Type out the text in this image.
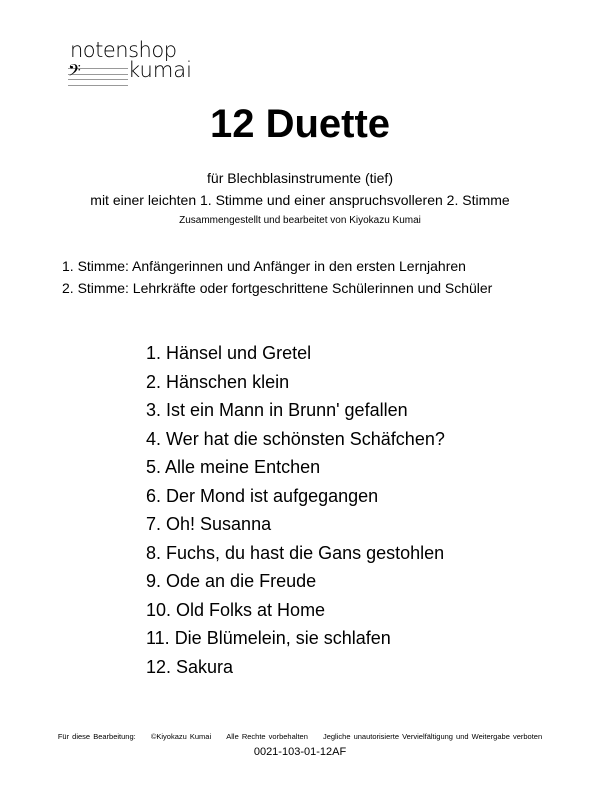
𝄢
notenshop
kumai
12 Duette
für Blechblasinstrumente (tief)
mit einer leichten 1. Stimme und einer anspruchsvolleren 2. Stimme
Zusammengestellt und bearbeitet von Kiyokazu Kumai
1. Stimme: Anfängerinnen und Anfänger in den ersten Lernjahren
2. Stimme: Lehrkräfte oder fortgeschrittene Schülerinnen und Schüler
1. Hänsel und Gretel
2. Hänschen klein
3. Ist ein Mann in Brunn' gefallen
4. Wer hat die schönsten Schäfchen?
5. Alle meine Entchen
6. Der Mond ist aufgegangen
7. Oh! Susanna
8. Fuchs, du hast die Gans gestohlen
9. Ode an die Freude
10. Old Folks at Home
11. Die Blümelein, sie schlafen
12. Sakura
Für diese Bearbeitung: ©Kiyokazu Kumai Alle Rechte vorbehalten Jegliche unautorisierte Vervielfältigung und Weitergabe verboten
0021-103-01-12AF
